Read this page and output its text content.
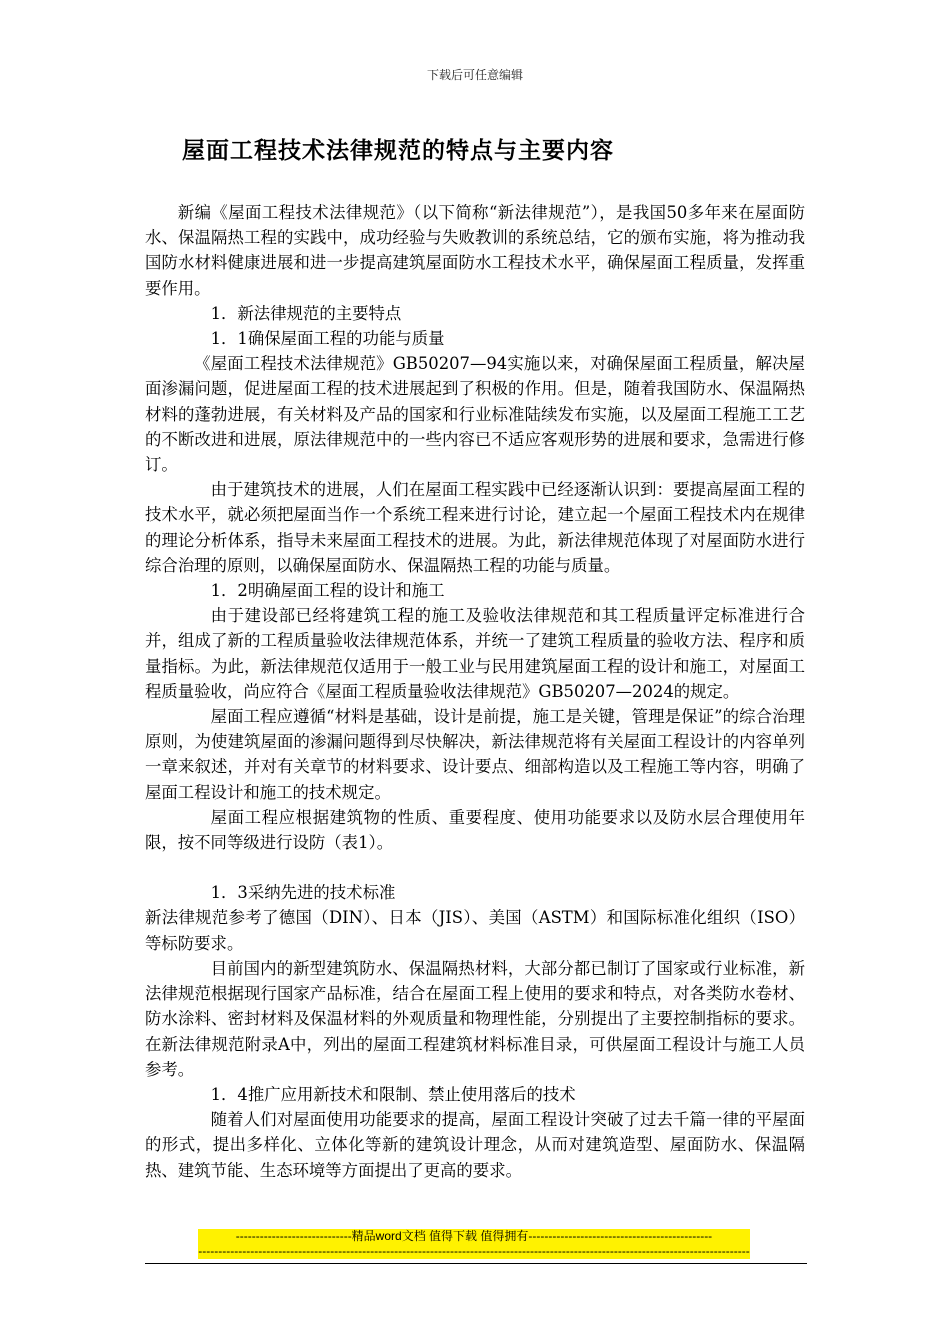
下载后可任意编辑
屋面工程技术法律规范的特点与主要内容

新编《屋面工程技术法律规范》（以下简称“新法律规范”），是我国50多年来在屋面防水、保温隔热工程的实践中，成功经验与失败教训的系统总结，它的颁布实施，将为推动我国防水材料健康进展和进一步提高建筑屋面防水工程技术水平，确保屋面工程质量，发挥重要作用。

1．新法律规范的主要特点

1．1确保屋面工程的功能与质量

《屋面工程技术法律规范》GB50207—94实施以来，对确保屋面工程质量，解决屋面渗漏问题，促进屋面工程的技术进展起到了积极的作用。但是，随着我国防水、保温隔热材料的蓬勃进展，有关材料及产品的国家和行业标准陆续发布实施，以及屋面工程施工工艺的不断改进和进展，原法律规范中的一些内容已不适应客观形势的进展和要求，急需进行修订。

由于建筑技术的进展，人们在屋面工程实践中已经逐渐认识到：要提高屋面工程的技术水平，就必须把屋面当作一个系统工程来进行讨论，建立起一个屋面工程技术内在规律的理论分析体系，指导未来屋面工程技术的进展。为此，新法律规范体现了对屋面防水进行综合治理的原则，以确保屋面防水、保温隔热工程的功能与质量。

1．2明确屋面工程的设计和施工

由于建设部已经将建筑工程的施工及验收法律规范和其工程质量评定标准进行合并，组成了新的工程质量验收法律规范体系，并统一了建筑工程质量的验收方法、程序和质量指标。为此，新法律规范仅适用于一般工业与民用建筑屋面工程的设计和施工，对屋面工程质量验收，尚应符合《屋面工程质量验收法律规范》GB50207—2024的规定。

屋面工程应遵循“材料是基础，设计是前提，施工是关键，管理是保证”的综合治理原则，为使建筑屋面的渗漏问题得到尽快解决，新法律规范将有关屋面工程设计的内容单列一章来叙述，并对有关章节的材料要求、设计要点、细部构造以及工程施工等内容，明确了屋面工程设计和施工的技术规定。

屋面工程应根据建筑物的性质、重要程度、使用功能要求以及防水层合理使用年限，按不同等级进行设防（表1）。

1．3采纳先进的技术标准

新法律规范参考了德国（DIN）、日本（JIS）、美国（ASTM）和国际标准化组织（ISO）等标防要求。

目前国内的新型建筑防水、保温隔热材料，大部分都已制订了国家或行业标准，新法律规范根据现行国家产品标准，结合在屋面工程上使用的要求和特点，对各类防水卷材、防水涂料、密封材料及保温材料的外观质量和物理性能，分别提出了主要控制指标的要求。在新法律规范附录A中，列出的屋面工程建筑材料标准目录，可供屋面工程设计与施工人员参考。

1．4推广应用新技术和限制、禁止使用落后的技术

随着人们对屋面使用功能要求的提高，屋面工程设计突破了过去千篇一律的平屋面的形式，提出多样化、立体化等新的建筑设计理念，从而对建筑造型、屋面防水、保温隔热、建筑节能、生态环境等方面提出了更高的要求。

-----------------------------精品word文档 值得下载 值得拥有----------------------------------------------
------------------------------------------------------------------------------------------------------------------------------------------
